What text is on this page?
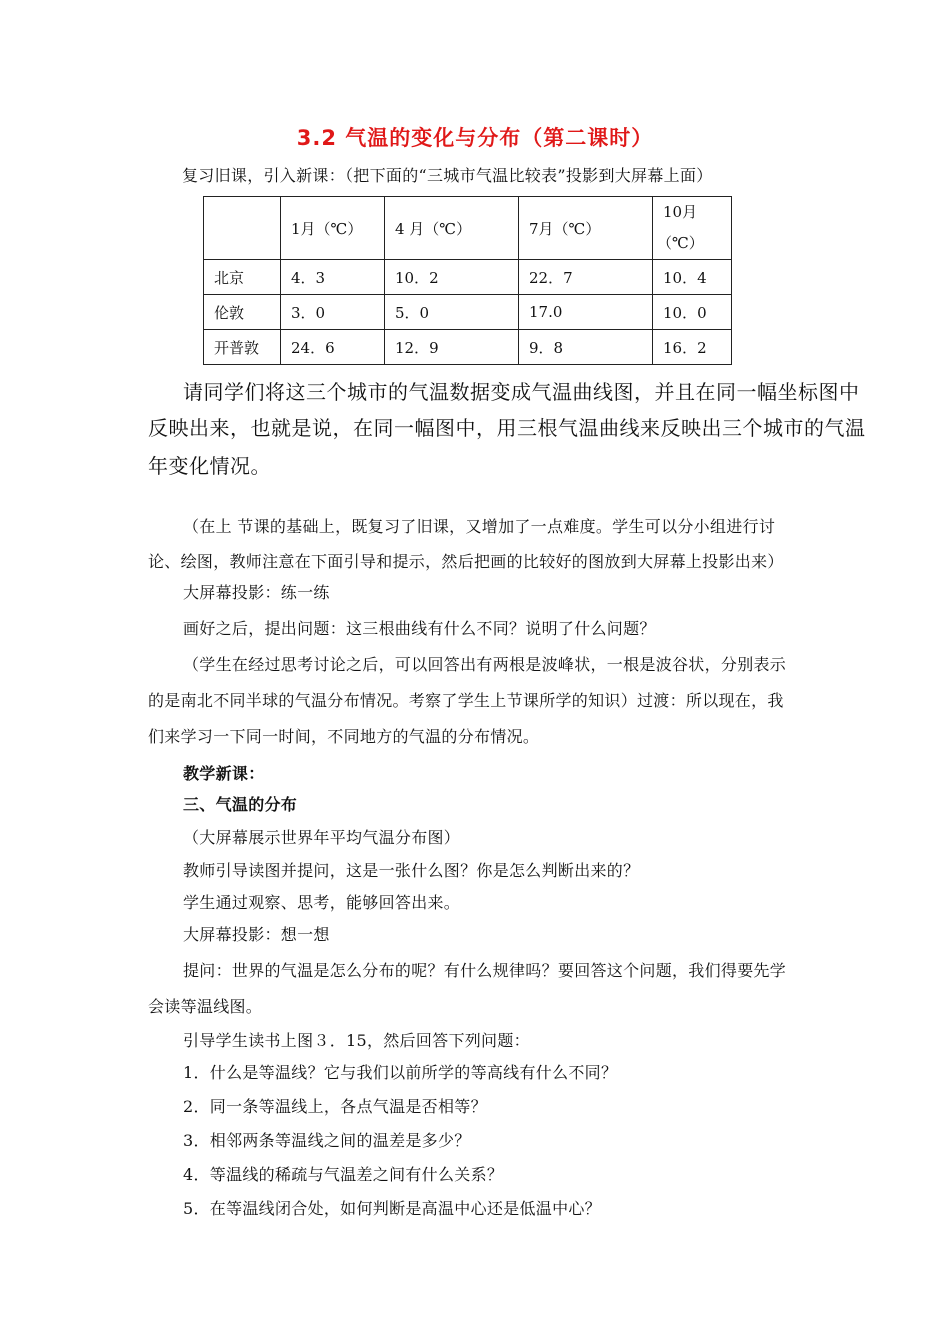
3.2 气温的变化与分布（第二课时）
复习旧课，引入新课：（把下面的“三城市气温比较表”投影到大屏幕上面）
	1月（℃）	4 月（℃）	7月（℃）	10月
（℃）

北京	4．3	10．2	22．7	10．4
伦敦	3．0	5．0	17.0	10．0
开普敦	24．6	12．9	9．8	16．2
请同学们将这三个城市的气温数据变成气温曲线图，并且在同一幅坐标图中
反映出来，也就是说，在同一幅图中，用三根气温曲线来反映出三个城市的气温
年变化情况。
（在上 节课的基础上，既复习了旧课，又增加了一点难度。学生可以分小组进行讨
论、绘图，教师注意在下面引导和提示，然后把画的比较好的图放到大屏幕上投影出来）
大屏幕投影：练一练
画好之后，提出问题：这三根曲线有什么不同？说明了什么问题？
（学生在经过思考讨论之后，可以回答出有两根是波峰状，一根是波谷状，分别表示
的是南北不同半球的气温分布情况。考察了学生上节课所学的知识）过渡：所以现在，我
们来学习一下同一时间，不同地方的气温的分布情况。
教学新课：
三、气温的分布
（大屏幕展示世界年平均气温分布图）
教师引导读图并提问，这是一张什么图？你是怎么判断出来的？
学生通过观察、思考，能够回答出来。
大屏幕投影：想一想
提问：世界的气温是怎么分布的呢？有什么规律吗？要回答这个问题，我们得要先学
会读等温线图。
引导学生读书上图３．15，然后回答下列问题：
1．什么是等温线？它与我们以前所学的等高线有什么不同？
2．同一条等温线上，各点气温是否相等？
3．相邻两条等温线之间的温差是多少？
4．等温线的稀疏与气温差之间有什么关系？
5．在等温线闭合处，如何判断是高温中心还是低温中心？
